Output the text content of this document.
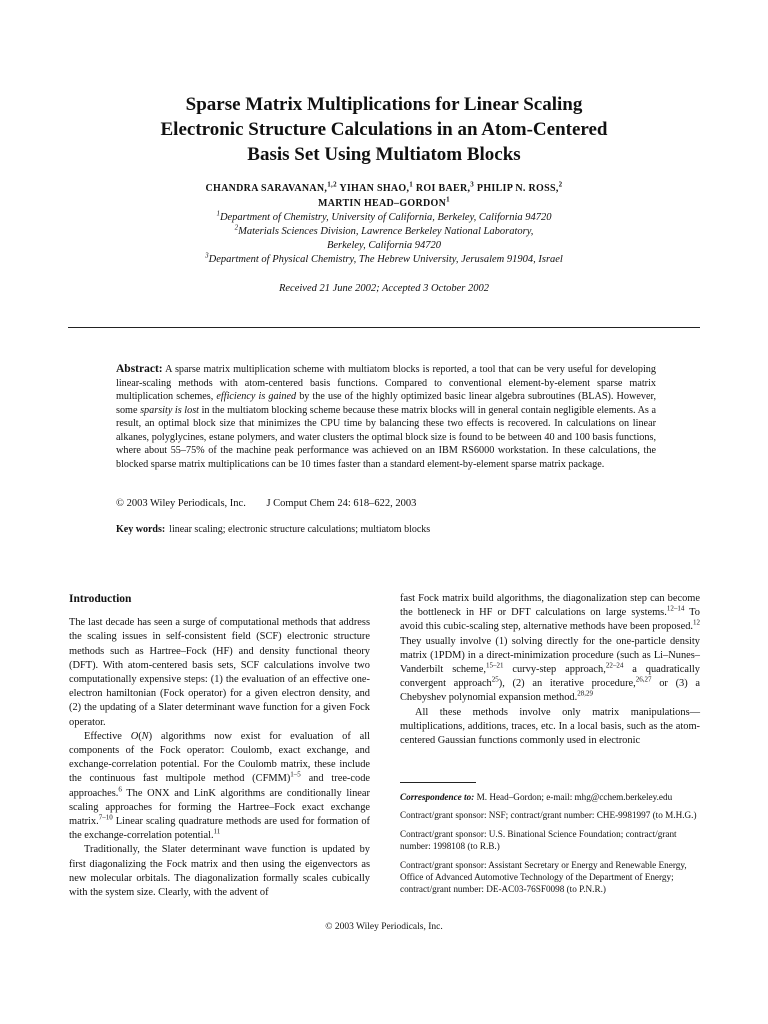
Sparse Matrix Multiplications for Linear Scaling
Electronic Structure Calculations in an Atom-Centered
Basis Set Using Multiatom Blocks
CHANDRA SARAVANAN,$^{1,2}$ YIHAN SHAO,$^1$ ROI BAER,$^3$ PHILIP N. ROSS,$^2$
MARTIN HEAD–GORDON$^1$
$^1$Department of Chemistry, University of California, Berkeley, California 94720
$^2$Materials Sciences Division, Lawrence Berkeley National Laboratory,
Berkeley, California 94720
$^3$Department of Physical Chemistry, The Hebrew University, Jerusalem 91904, Israel
Received 21 June 2002; Accepted 3 October 2002
Abstract: A sparse matrix multiplication scheme with multiatom blocks is reported, a tool that can be very useful for developing linear-scaling methods with atom-centered basis functions. Compared to conventional element-by-element sparse matrix multiplication schemes, efficiency is gained by the use of the highly optimized basic linear algebra subroutines (BLAS). However, some sparsity is lost in the multiatom blocking scheme because these matrix blocks will in general contain negligible elements. As a result, an optimal block size that minimizes the CPU time by balancing these two effects is recovered. In calculations on linear alkanes, polyglycines, estane polymers, and water clusters the optimal block size is found to be between 40 and 100 basis functions, where about 55–75% of the machine peak performance was achieved on an IBM RS6000 workstation. In these calculations, the blocked sparse matrix multiplications can be 10 times faster than a standard element-by-element sparse matrix package.
© 2003 Wiley Periodicals, Inc. J Comput Chem 24: 618–622, 2003
Key words: linear scaling; electronic structure calculations; multiatom blocks
Introduction
The last decade has seen a surge of computational methods that address the scaling issues in self-consistent field (SCF) electronic structure methods such as Hartree–Fock (HF) and density functional theory (DFT). With atom-centered basis sets, SCF calculations involve two computationally expensive steps: (1) the evaluation of an effective one-electron hamiltonian (Fock operator) for a given electron density, and (2) the updating of a Slater determinant wave function for a given Fock operator.
Effective O(N) algorithms now exist for evaluation of all components of the Fock operator: Coulomb, exact exchange, and exchange-correlation potential. For the Coulomb matrix, these include the continuous fast multipole method (CFMM)$^{1-5}$ and tree-code approaches.$^6$ The ONX and LinK algorithms are conditionally linear scaling approaches for forming the Hartree–Fock exact exchange matrix.$^{7-10}$ Linear scaling quadrature methods are used for formation of the exchange-correlation potential.$^{11}$
Traditionally, the Slater determinant wave function is updated by first diagonalizing the Fock matrix and then using the eigenvectors as new molecular orbitals. The diagonalization formally scales cubically with the system size. Clearly, with the advent of
fast Fock matrix build algorithms, the diagonalization step can become the bottleneck in HF or DFT calculations on large systems.$^{12-14}$ To avoid this cubic-scaling step, alternative methods have been proposed.$^{12}$ They usually involve (1) solving directly for the one-particle density matrix (1PDM) in a direct-minimization procedure (such as Li–Nunes–Vanderbilt scheme,$^{15-21}$ curvy-step approach,$^{22-24}$ a quadratically convergent approach$^{25}$), (2) an iterative procedure,$^{26,27}$ or (3) a Chebyshev polynomial expansion method.$^{28,29}$
All these methods involve only matrix manipulations—multiplications, additions, traces, etc. In a local basis, such as the atom-centered Gaussian functions commonly used in electronic

Correspondence to: M. Head–Gordon; e-mail: mhg@cchem.berkeley.edu

Contract/grant sponsor: NSF; contract/grant number: CHE-9981997 (to M.H.G.)

Contract/grant sponsor: U.S. Binational Science Foundation; contract/grant number: 1998108 (to R.B.)

Contract/grant sponsor: Assistant Secretary or Energy and Renewable Energy, Office of Advanced Automotive Technology of the Department of Energy; contract/grant number: DE-AC03-76SF0098 (to P.N.R.)

© 2003 Wiley Periodicals, Inc.
